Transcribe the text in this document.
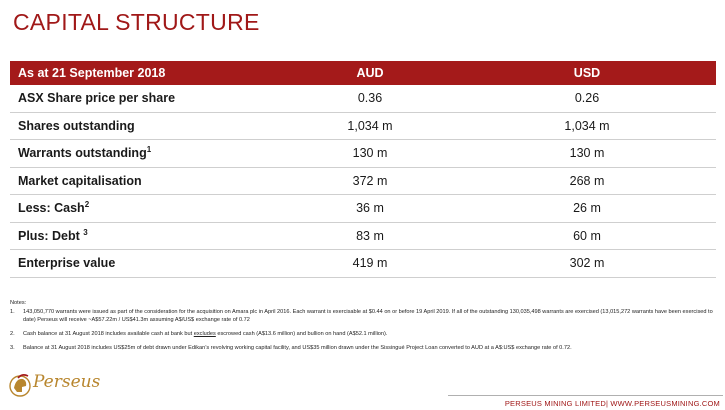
CAPITAL STRUCTURE
As at 21 September 2018	AUD	USD
ASX Share price per share	0.36	0.26
Shares outstanding	1,034 m	1,034 m
Warrants outstanding$^1$	130 m	130 m
Market capitalisation	372 m	268 m
Less: Cash$^2$	36 m	26 m
Plus: Debt $^3$	83 m	60 m
Enterprise value	419 m	302 m
Notes:
1.	143,050,770 warrants were issued as part of the consideration for the acquisition on Amara plc in April 2016. Each warrant is exercisable at $0.44 on or before 19 April 2019. If all of the outstanding 130,035,498 warrants are exercised (13,015,272 warrants have been exercised to date) Perseus will receive ~A$57.22m / US$41.3m assuming A$/US$ exchange rate of 0.72
2.	Cash balance at 31 August 2018 includes available cash at bank but excludes escrowed cash (A$13.6 million) and bullion on hand (A$52.1 million).
3.	Balance at 31 August 2018 includes US$25m of debt drawn under Edikan’s revolving working capital facility, and US$35 million drawn under the Sissingué Project Loan converted to AUD at a A$:US$ exchange rate of 0.72.
Perseus
PERSEUS MINING LIMITED| WWW.PERSEUSMINING.COM
